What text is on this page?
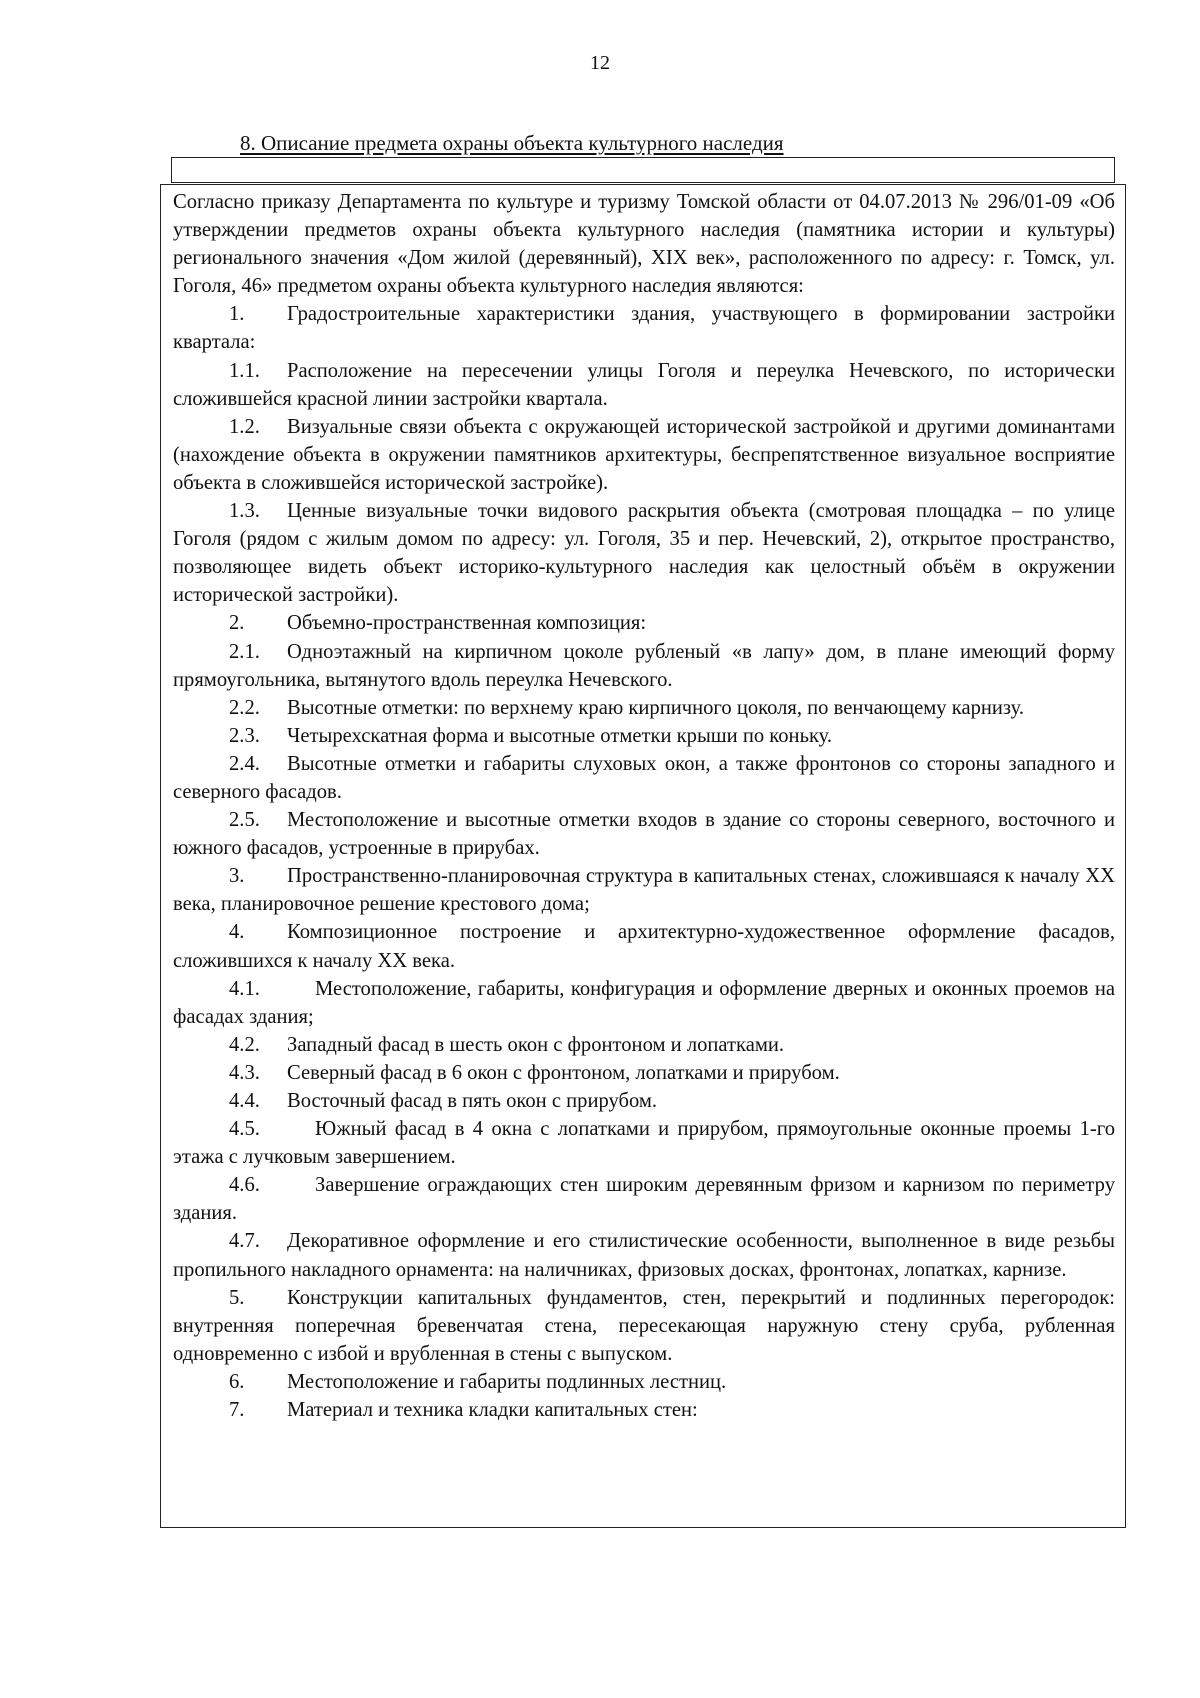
12
8. Описание предмета охраны объекта культурного наследия

Согласно приказу Департамента по культуре и туризму Томской области от 04.07.2013 № 296/01-09 «Об утверждении предметов охраны объекта культурного наследия (памятника истории и культуры) регионального значения «Дом жилой (деревянный), XIX век», расположенного по адресу: г. Томск, ул. Гоголя, 46» предметом охраны объекта культурного наследия являются:

1. Градостроительные характеристики здания, участвующего в формировании застройки квартала:

1.1. Расположение на пересечении улицы Гоголя и переулка Нечевского, по исторически сложившейся красной линии застройки квартала.

1.2. Визуальные связи объекта с окружающей исторической застройкой и другими доминантами (нахождение объекта в окружении памятников архитектуры, беспрепятственное визуальное восприятие объекта в сложившейся исторической застройке).

1.3. Ценные визуальные точки видового раскрытия объекта (смотровая площадка – по улице Гоголя (рядом с жилым домом по адресу: ул. Гоголя, 35 и пер. Нечевский, 2), открытое пространство, позволяющее видеть объект историко-культурного наследия как целостный объём в окружении исторической застройки).

2. Объемно-пространственная композиция:

2.1. Одноэтажный на кирпичном цоколе рубленый «в лапу» дом, в плане имеющий форму прямоугольника, вытянутого вдоль переулка Нечевского.

2.2. Высотные отметки: по верхнему краю кирпичного цоколя, по венчающему карнизу.

2.3. Четырехскатная форма и высотные отметки крыши по коньку.

2.4. Высотные отметки и габариты слуховых окон, а также фронтонов со стороны западного и северного фасадов.

2.5. Местоположение и высотные отметки входов в здание со стороны северного, восточного и южного фасадов, устроенные в прирубах.

3. Пространственно-планировочная структура в капитальных стенах, сложившаяся к началу XX века, планировочное решение крестового дома;

4. Композиционное построение и архитектурно-художественное оформление фасадов, сложившихся к началу XX века.

4.1.	Местоположение, габариты, конфигурация и оформление дверных и оконных проемов на фасадах здания;

4.2. Западный фасад в шесть окон с фронтоном и лопатками.

4.3. Северный фасад в 6 окон с фронтоном, лопатками и прирубом.

4.4. Восточный фасад в пять окон с прирубом.

4.5.	Южный фасад в 4 окна с лопатками и прирубом, прямоугольные оконные проемы 1-го этажа с лучковым завершением.

4.6.	Завершение ограждающих стен широким деревянным фризом и карнизом по периметру здания.

4.7. Декоративное оформление и его стилистические особенности, выполненное в виде резьбы пропильного накладного орнамента: на наличниках, фризовых досках, фронтонах, лопатках, карнизе.

5. Конструкции капитальных фундаментов, стен, перекрытий и подлинных перегородок: внутренняя поперечная бревенчатая стена, пересекающая наружную стену сруба, рубленная одновременно с избой и врубленная в стены с выпуском.

6. Местоположение и габариты подлинных лестниц.

7. Материал и техника кладки капитальных стен:
